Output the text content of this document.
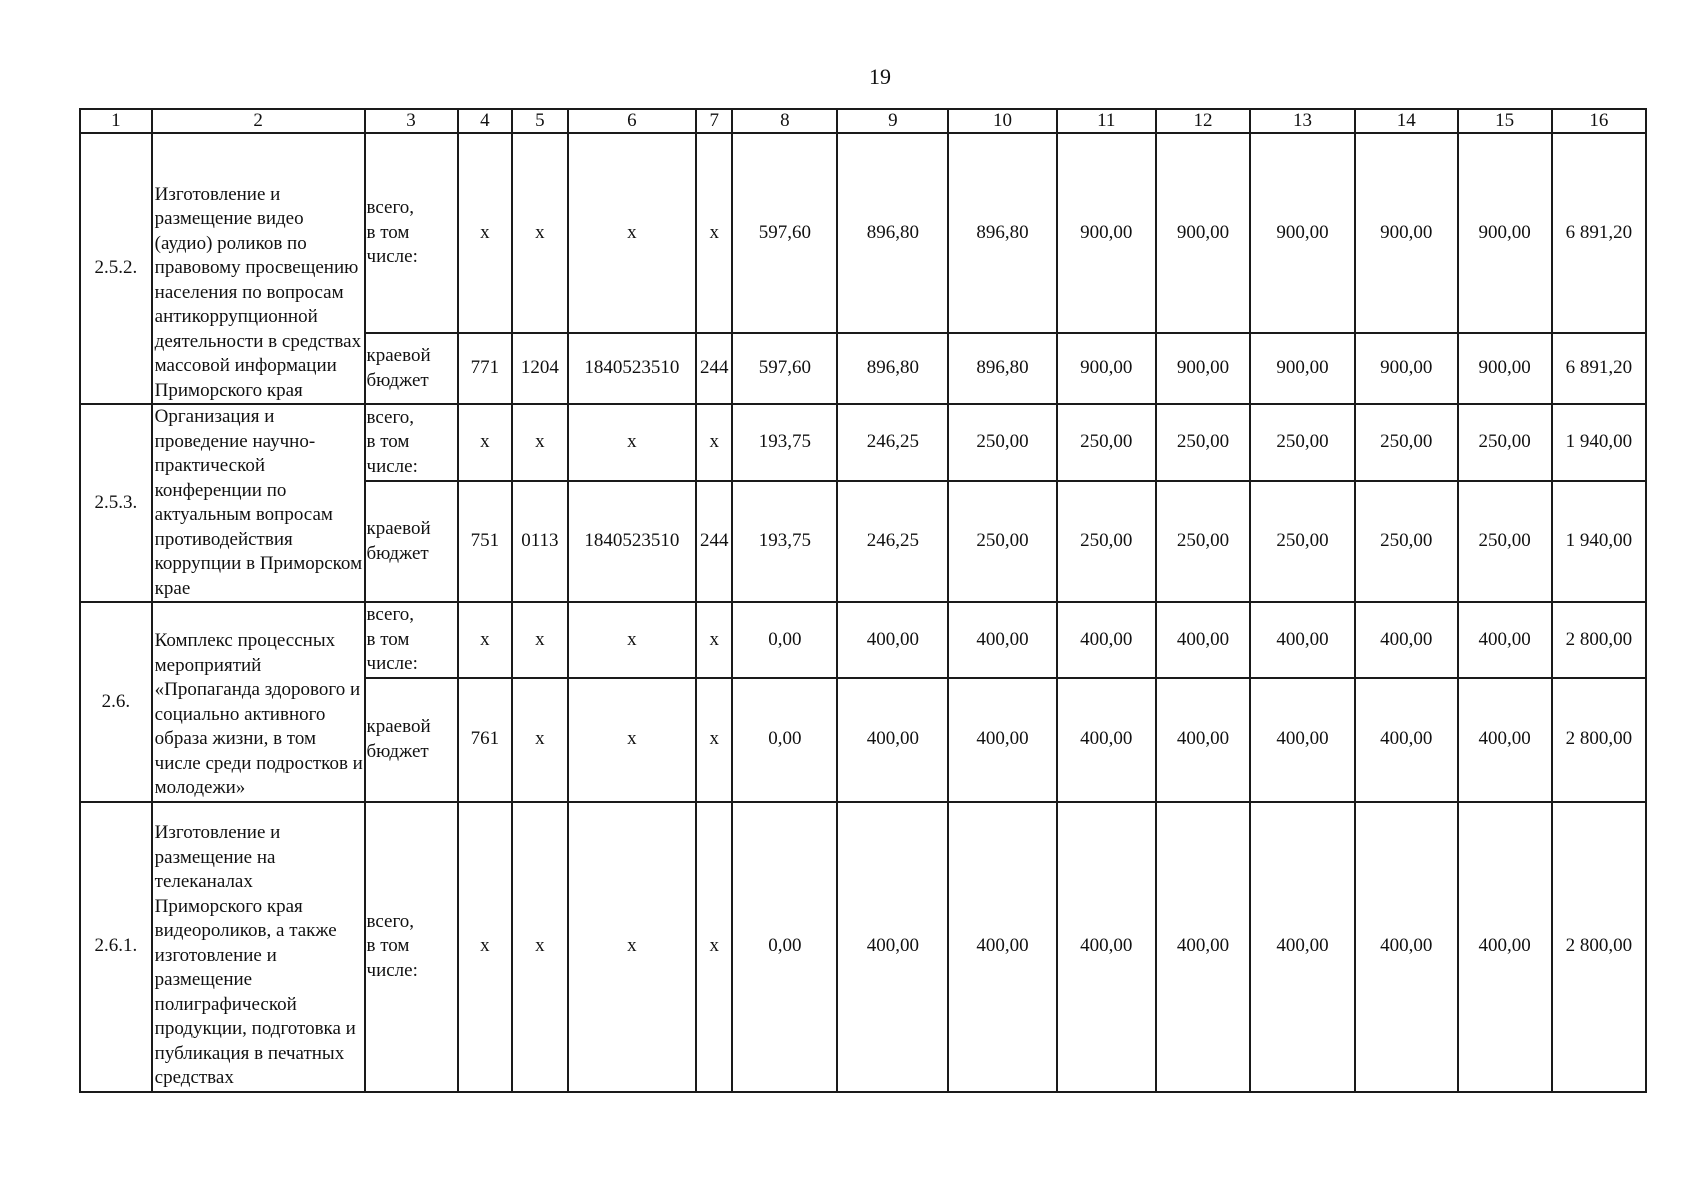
19
1	2	3	4	5	6	7	8	9	10	11	12	13	14	15	16
2.5.2.	Изготовление и размещение видео (аудио) роликов по правовому просвещению населения по вопросам антикоррупционной деятельности в средствах массовой информации Приморского края	всего,
в том
числе:	x	x	x	x	597,60	896,80	896,80	900,00	900,00	900,00	900,00	900,00	6 891,20
		краевой
бюджет	771	1204	1840523510	244	597,60	896,80	896,80	900,00	900,00	900,00	900,00	900,00	6 891,20
2.5.3.	Организация и проведение научно-практической конференции по актуальным вопросам противодействия коррупции в Приморском крае	всего,
в том
числе:	x	x	x	x	193,75	246,25	250,00	250,00	250,00	250,00	250,00	250,00	1 940,00
		краевой
бюджет	751	0113	1840523510	244	193,75	246,25	250,00	250,00	250,00	250,00	250,00	250,00	1 940,00
2.6.	Комплекс процессных мероприятий «Пропаганда здорового и социально активного образа жизни, в том числе среди подростков и молодежи»	всего,
в том
числе:	x	x	x	x	0,00	400,00	400,00	400,00	400,00	400,00	400,00	400,00	2 800,00
		краевой
бюджет	761	x	x	x	0,00	400,00	400,00	400,00	400,00	400,00	400,00	400,00	2 800,00
2.6.1.	Изготовление и размещение на телеканалах Приморского края видеороликов, а также изготовление и размещение полиграфической продукции, подготовка и публикация в печатных средствах	всего,
в том
числе:	x	x	x	x	0,00	400,00	400,00	400,00	400,00	400,00	400,00	400,00	2 800,00
